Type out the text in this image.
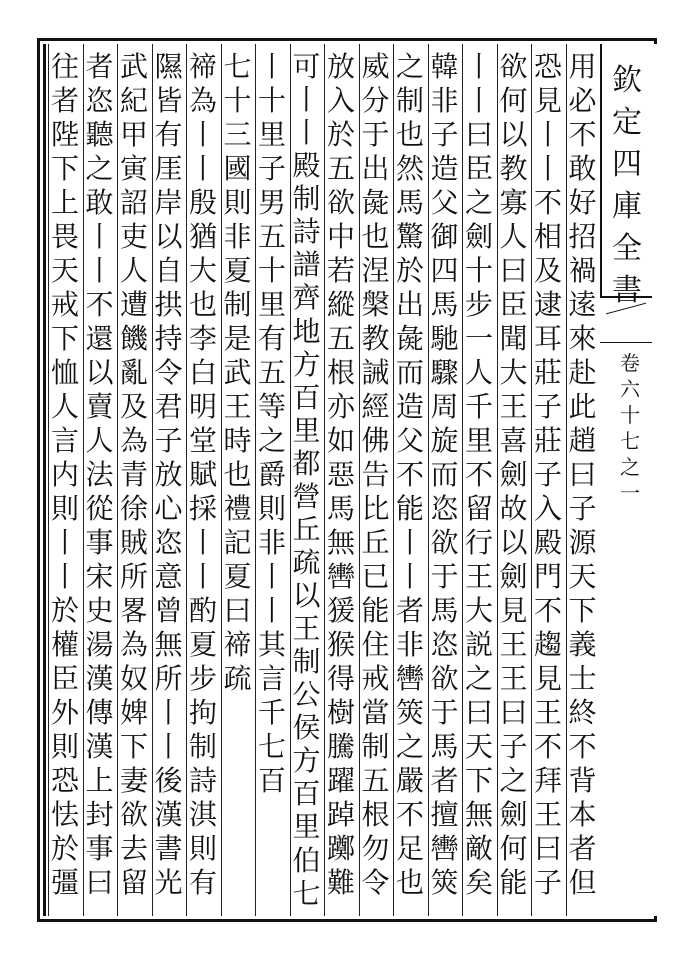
欽
定
四
庫
全
書
卷
六
十
七
之
一
用
必
不
敢
好
招
禍
逺
來
赴
此
趙
曰
子
源
天
下
義
士
終
不
背
本
者
但
恐
見
丨
丨
不
相
及
逮
耳
莊
子
莊
子
入
殿
門
不
趨
見
王
不
拜
王
曰
子
欲
何
以
教
寡
人
曰
臣
聞
大
王
喜
劍
故
以
劍
見
王
王
曰
子
之
劍
何
能
丨
丨
曰
臣
之
劍
十
步
一
人
千
里
不
留
行
王
大
説
之
曰
天
下
無
敵
矣
韓
非
子
造
父
御
四
馬
馳
驟
周
旋
而
恣
欲
于
馬
恣
欲
于
馬
者
擅
轡
筴
之
制
也
然
馬
驚
於
出
彘
而
造
父
不
能
丨
丨
者
非
轡
筴
之
嚴
不
足
也
威
分
于
出
彘
也
涅
槃
教
誡
經
佛
告
比
丘
已
能
住
戒
當
制
五
根
勿
令
放
入
於
五
欲
中
若
縱
五
根
亦
如
惡
馬
無
轡
猨
猴
得
樹
騰
躍
踔
躑
難
可
丨
丨
殿
制
詩
譜
齊
地
方
百
里
都
營
丘
疏
以
王
制
公
侯
方
百
里
伯
七
丨
十
里
子
男
五
十
里
有
五
等
之
爵
則
非
丨
丨
其
言
千
七
百
七
十
三
國
則
非
夏
制
是
武
王
時
也
禮
記
夏
曰
禘
疏
禘
為
丨
丨
殷
猶
大
也
李
白
明
堂
賦
採
丨
丨
酌
夏
步
拘
制
詩
淇
則
有
隰
皆
有
厓
岸
以
自
拱
持
令
君
子
放
心
恣
意
曾
無
所
丨
丨
後
漢
書
光
武
紀
甲
寅
詔
吏
人
遭
饑
亂
及
為
青
徐
賊
所
畧
為
奴
婢
下
妻
欲
去
留
者
恣
聽
之
敢
丨
丨
不
還
以
賣
人
法
從
事
宋
史
湯
漢
傳
漢
上
封
事
曰
往
者
陛
下
上
畏
天
戒
下
恤
人
言
内
則
丨
丨
於
權
臣
外
則
恐
怯
於
彊
